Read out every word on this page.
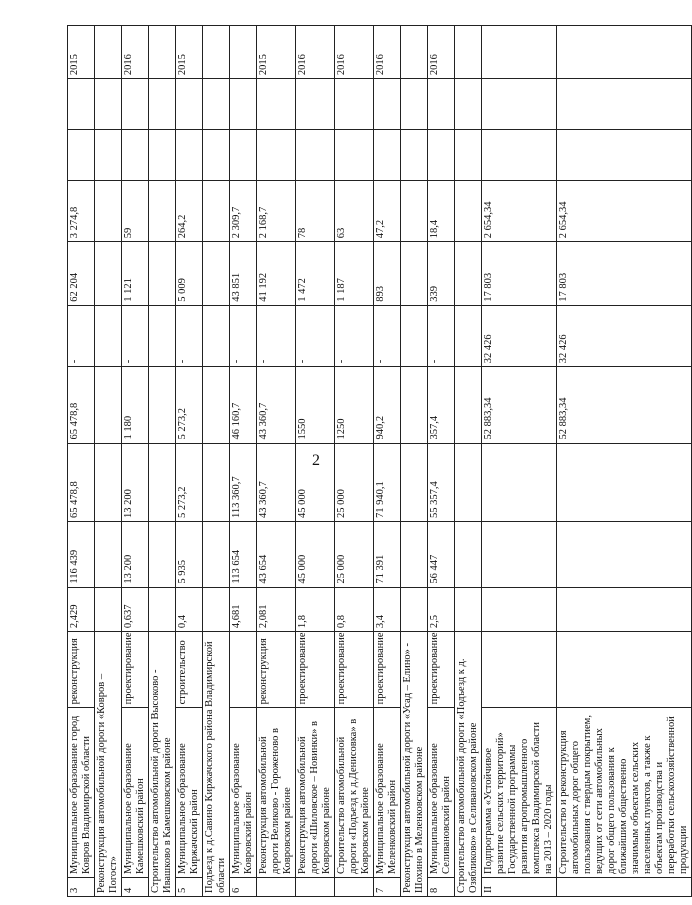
2
3	Муниципальное образование город Ковров Владимирской области	реконструкция	2,429	116 439	65 478,8	65 478,8	-	62 204	3 274,8			2015
Реконструкция автомобильной дороги «Ковров – Погост»												
4	Муниципальное образование Камешковский район	проектирование	0,637	13 200	13 200	1 180	-	1 121	59			2016
Строительство автомобильной дороги Высоково - Ивашково в Камешковском районе												
5	Муниципальное образование Киржачский район	строительство	0,4	5 935	5 273,2	5 273,2	-	5 009	264,2			2015
Подъезд к д.Савино Киржачского района Владимирской области												
6	Муниципальное образование Ковровский район		4,681	113 654	113 360,7	46 160,7	-	43 851	2 309,7			
	Реконструкция автомобильной дороги Великово - Гороженово в Ковровском районе	реконструкция	2,081	43 654	43 360,7	43 360,7	-	41 192	2 168,7			2015
	Реконструкция автомобильной дороги «Шиловское – Новинки» в Ковровском районе	проектирование	1,8	45 000	45 000	1550	-	1 472	78			2016
	Строительство автомобильной дороги «Подъезд к д.Денисовка» в Ковровском районе	проектирование	0,8	25 000	25 000	1250	-	1 187	63			2016
7	Муниципальное образование Меленковский район	проектирование	3,4	71 391	71 940,1	940,2	-	893	47,2			2016
Реконструкция автомобильной дороги «Усад – Елино» - Шохино в Меленковском районе												
8	Муниципальное образование Селивановский район	проектирование	2,5	56 447	55 357,4	357,4	-	339	18,4			2016
Строительство автомобильной дороги «Подъезд к д. Озябликово» в Селивановском районе												
II	Подпрограмма «Устойчивое развитие сельских территорий» Государственной программы развития агропромышленного комплекса Владимирской области на 2013 – 2020 годы					52 883,34	32 426	17 803	2 654,34			
	Строительство и реконструкция автомобильных дорог общего пользования с твердым покрытием, ведущих от сети автомобильных дорог общего пользования к ближайшим общественно значимым объектам сельских населенных пунктов, а также к объектам производства и переработки сельскохозяйственной продукции					52 883,34	32 426	17 803	2 654,34			
